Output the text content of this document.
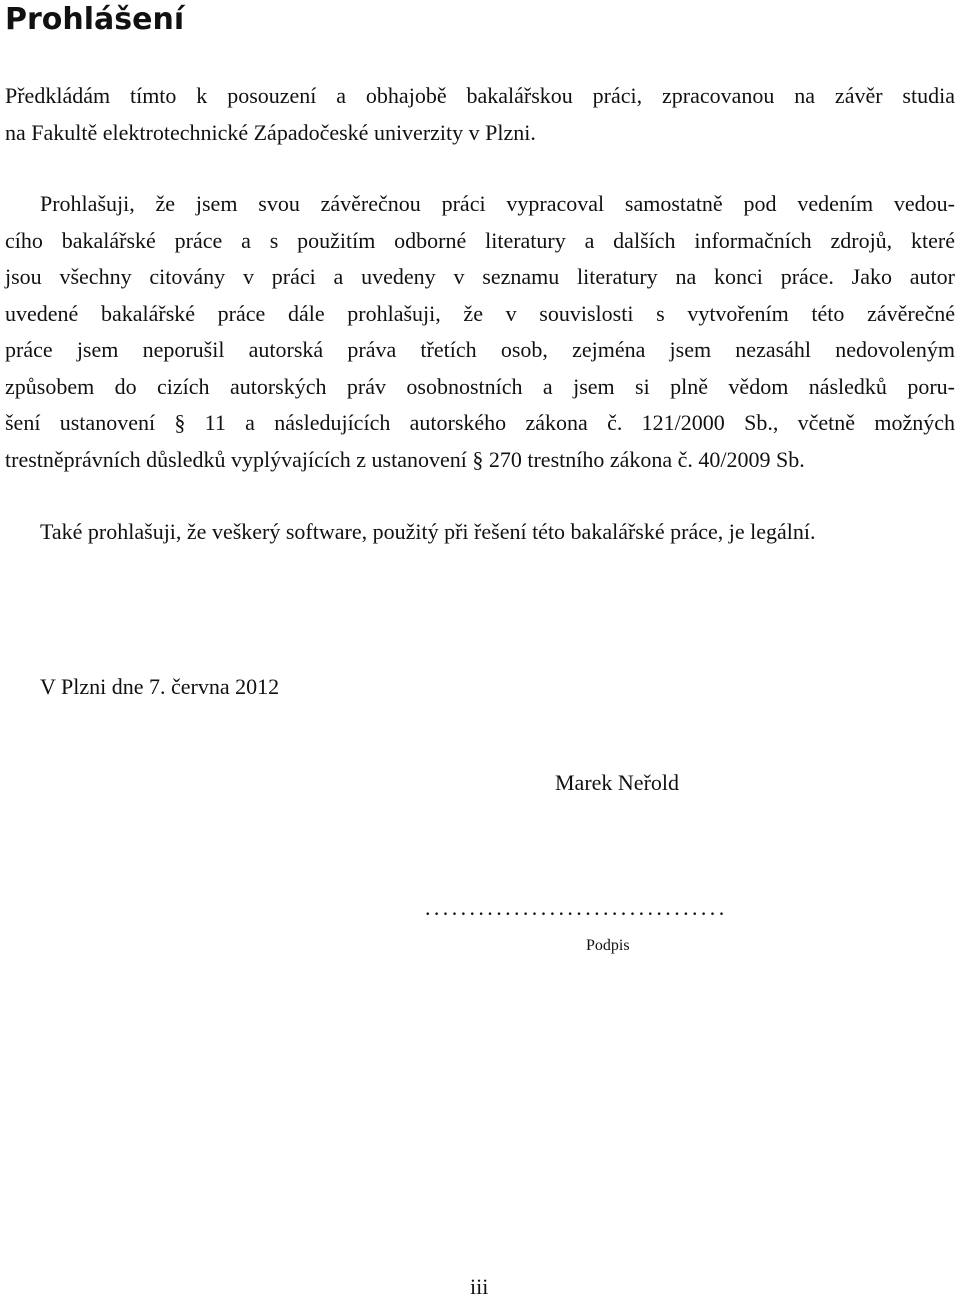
Prohlášení

Předkládám tímto k posouzení a obhajobě bakalářskou práci, zpracovanou na závěr studia
na Fakultě elektrotechnické Západočeské univerzity v Plzni.

Prohlašuji, že jsem svou závěrečnou práci vypracoval samostatně pod vedením vedou-
cího bakalářské práce a s použitím odborné literatury a dalších informačních zdrojů, které
jsou všechny citovány v práci a uvedeny v seznamu literatury na konci práce. Jako autor
uvedené bakalářské práce dále prohlašuji, že v souvislosti s vytvořením této závěrečné
práce jsem neporušil autorská práva třetích osob, zejména jsem nezasáhl nedovoleným
způsobem do cizích autorských práv osobnostních a jsem si plně vědom následků poru-
šení ustanovení § 11 a následujících autorského zákona č. 121/2000 Sb., včetně možných
trestněprávních důsledků vyplývajících z ustanovení § 270 trestního zákona č. 40/2009 Sb.

Také prohlašuji, že veškerý software, použitý při řešení této bakalářské práce, je legální.

V Plzni dne 7. června 2012
Marek Neřold
..................................
Podpis
iii
